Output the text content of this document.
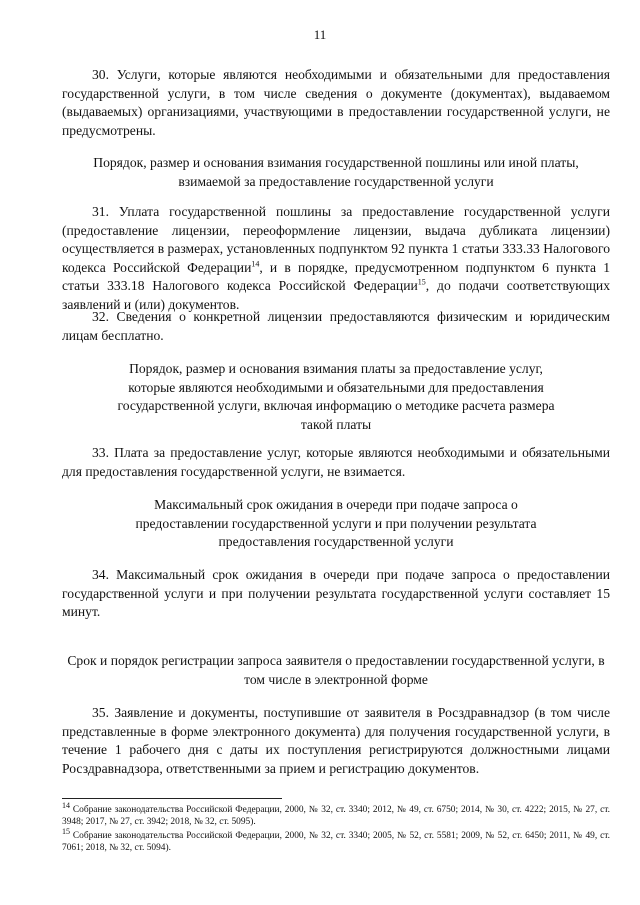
11

30. Услуги, которые являются необходимыми и обязательными для предоставления государственной услуги, в том числе сведения о документе (документах), выдаваемом (выдаваемых) организациями, участвующими в предоставлении государственной услуги, не предусмотрены.

Порядок, размер и основания взимания государственной пошлины или иной платы, взимаемой за предоставление государственной услуги

31. Уплата государственной пошлины за предоставление государственной услуги (предоставление лицензии, переоформление лицензии, выдача дубликата лицензии) осуществляется в размерах, установленных подпунктом 92 пункта 1 статьи 333.33 Налогового кодекса Российской Федерации$^{14}$, и в порядке, предусмотренном подпунктом 6 пункта 1 статьи 333.18 Налогового кодекса Российской Федерации$^{15}$, до подачи соответствующих заявлений и (или) документов.

32. Сведения о конкретной лицензии предоставляются физическим и юридическим лицам бесплатно.

Порядок, размер и основания взимания платы за предоставление услуг, которые являются необходимыми и обязательными для предоставления государственной услуги, включая информацию о методике расчета размера такой платы

33. Плата за предоставление услуг, которые являются необходимыми и обязательными для предоставления государственной услуги, не взимается.

Максимальный срок ожидания в очереди при подаче запроса о предоставлении государственной услуги и при получении результата предоставления государственной услуги

34. Максимальный срок ожидания в очереди при подаче запроса о предоставлении государственной услуги и при получении результата государственной услуги составляет 15 минут.

Срок и порядок регистрации запроса заявителя о предоставлении государственной услуги, в том числе в электронной форме

35. Заявление и документы, поступившие от заявителя в Росздравнадзор (в том числе представленные в форме электронного документа) для получения государственной услуги, в течение 1 рабочего дня с даты их поступления регистрируются должностными лицами Росздравнадзора, ответственными за прием и регистрацию документов.

$^{14}$ Собрание законодательства Российской Федерации, 2000, № 32, ст. 3340; 2012, № 49, ст. 6750; 2014, № 30, ст. 4222; 2015, № 27, ст. 3948; 2017, № 27, ст. 3942; 2018, № 32, ст. 5095).

$^{15}$ Собрание законодательства Российской Федерации, 2000, № 32, ст. 3340; 2005, № 52, ст. 5581; 2009, № 52, ст. 6450; 2011, № 49, ст. 7061; 2018, № 32, ст. 5094).
